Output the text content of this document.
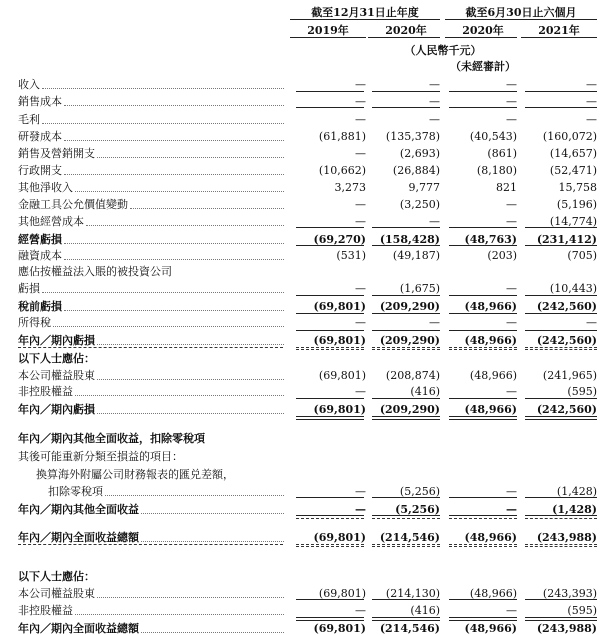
截至12月31日止年度	截至6月30日止六個月
2019年	2020年	2020年	2021年
（人民幣千元）
（未經審計）
收入	—	—	—	—
銷售成本	—	—	—	—
毛利	—	—	—	—
研發成本	(61,881)	(135,378)	(40,543)	(160,072)
銷售及營銷開支	—	(2,693)	(861)	(14,657)
行政開支	(10,662)	(26,884)	(8,180)	(52,471)
其他淨收入	3,273	9,777	821	15,758
金融工具公允價值變動	—	(3,250)	—	(5,196)
其他經營成本	—	—	—	(14,774)
經營虧損	(69,270)	(158,428)	(48,763)	(231,412)
融資成本	(531)	(49,187)	(203)	(705)
應佔按權益法入賬的被投資公司
虧損	—	(1,675)	—	(10,443)
稅前虧損	(69,801)	(209,290)	(48,966)	(242,560)
所得稅	—	—	—	—
年內／期內虧損	(69,801)	(209,290)	(48,966)	(242,560)
以下人士應佔：
本公司權益股東	(69,801)	(208,874)	(48,966)	(241,965)
非控股權益	—	(416)	—	(595)
年內／期內虧損	(69,801)	(209,290)	(48,966)	(242,560)
年內／期內其他全面收益，扣除零稅項
其後可能重新分類至損益的項目：
換算海外附屬公司財務報表的匯兑差額，
扣除零稅項	—	(5,256)	—	(1,428)
年內／期內其他全面收益	—	(5,256)	—	(1,428)
年內／期內全面收益總額	(69,801)	(214,546)	(48,966)	(243,988)
以下人士應佔：
本公司權益股東	(69,801)	(214,130)	(48,966)	(243,393)
非控股權益	—	(416)	—	(595)
年內／期內全面收益總額	(69,801)	(214,546)	(48,966)	(243,988)
